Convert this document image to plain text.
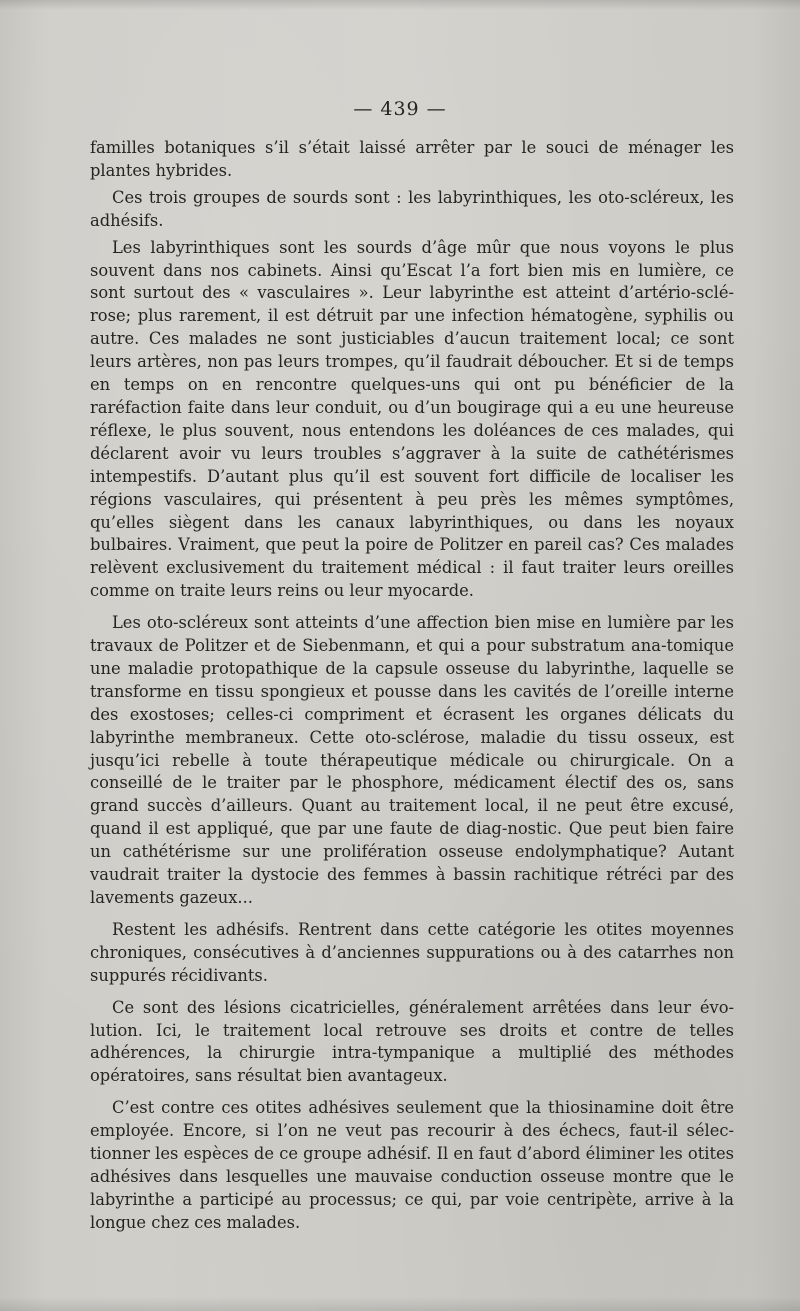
— 439 —

familles botaniques s’il s’était laissé arrêter par le souci de ménager les plantes hybrides.

Ces trois groupes de sourds sont : les labyrinthiques, les oto-scléreux, les adhésifs.

Les labyrinthiques sont les sourds d’âge mûr que nous voyons le plus souvent dans nos cabinets. Ainsi qu’Escat l’a fort bien mis en lumière, ce sont surtout des « vasculaires ». Leur labyrinthe est atteint d’artério-sclé-rose; plus rarement, il est détruit par une infection hématogène, syphilis ou autre. Ces malades ne sont justiciables d’aucun traitement local; ce sont leurs artères, non pas leurs trompes, qu’il faudrait déboucher. Et si de temps en temps on en rencontre quelques-uns qui ont pu bénéficier de la raréfaction faite dans leur conduit, ou d’un bougirage qui a eu une heureuse réflexe, le plus souvent, nous entendons les doléances de ces malades, qui déclarent avoir vu leurs troubles s’aggraver à la suite de cathétérismes intempestifs. D’autant plus qu’il est souvent fort difficile de localiser les régions vasculaires, qui présentent à peu près les mêmes symptômes, qu’elles siègent dans les canaux labyrinthiques, ou dans les noyaux bulbaires. Vraiment, que peut la poire de Politzer en pareil cas? Ces malades relèvent exclusivement du traitement médical : il faut traiter leurs oreilles comme on traite leurs reins ou leur myocarde.

Les oto-scléreux sont atteints d’une affection bien mise en lumière par les travaux de Politzer et de Siebenmann, et qui a pour substratum ana-tomique une maladie protopathique de la capsule osseuse du labyrinthe, laquelle se transforme en tissu spongieux et pousse dans les cavités de l’oreille interne des exostoses; celles-ci compriment et écrasent les organes délicats du labyrinthe membraneux. Cette oto-sclérose, maladie du tissu osseux, est jusqu’ici rebelle à toute thérapeutique médicale ou chirurgicale. On a conseillé de le traiter par le phosphore, médicament électif des os, sans grand succès d’ailleurs. Quant au traitement local, il ne peut être excusé, quand il est appliqué, que par une faute de diag-nostic. Que peut bien faire un cathétérisme sur une prolifération osseuse endolymphatique? Autant vaudrait traiter la dystocie des femmes à bassin rachitique rétréci par des lavements gazeux...

Restent les adhésifs. Rentrent dans cette catégorie les otites moyennes chroniques, consécutives à d’anciennes suppurations ou à des catarrhes non suppurés récidivants.

Ce sont des lésions cicatricielles, généralement arrêtées dans leur évo-lution. Ici, le traitement local retrouve ses droits et contre de telles adhérences, la chirurgie intra-tympanique a multiplié des méthodes opératoires, sans résultat bien avantageux.

C’est contre ces otites adhésives seulement que la thiosinamine doit être employée. Encore, si l’on ne veut pas recourir à des échecs, faut-il sélec-tionner les espèces de ce groupe adhésif. Il en faut d’abord éliminer les otites adhésives dans lesquelles une mauvaise conduction osseuse montre que le labyrinthe a participé au processus; ce qui, par voie centripète, arrive à la longue chez ces malades.
